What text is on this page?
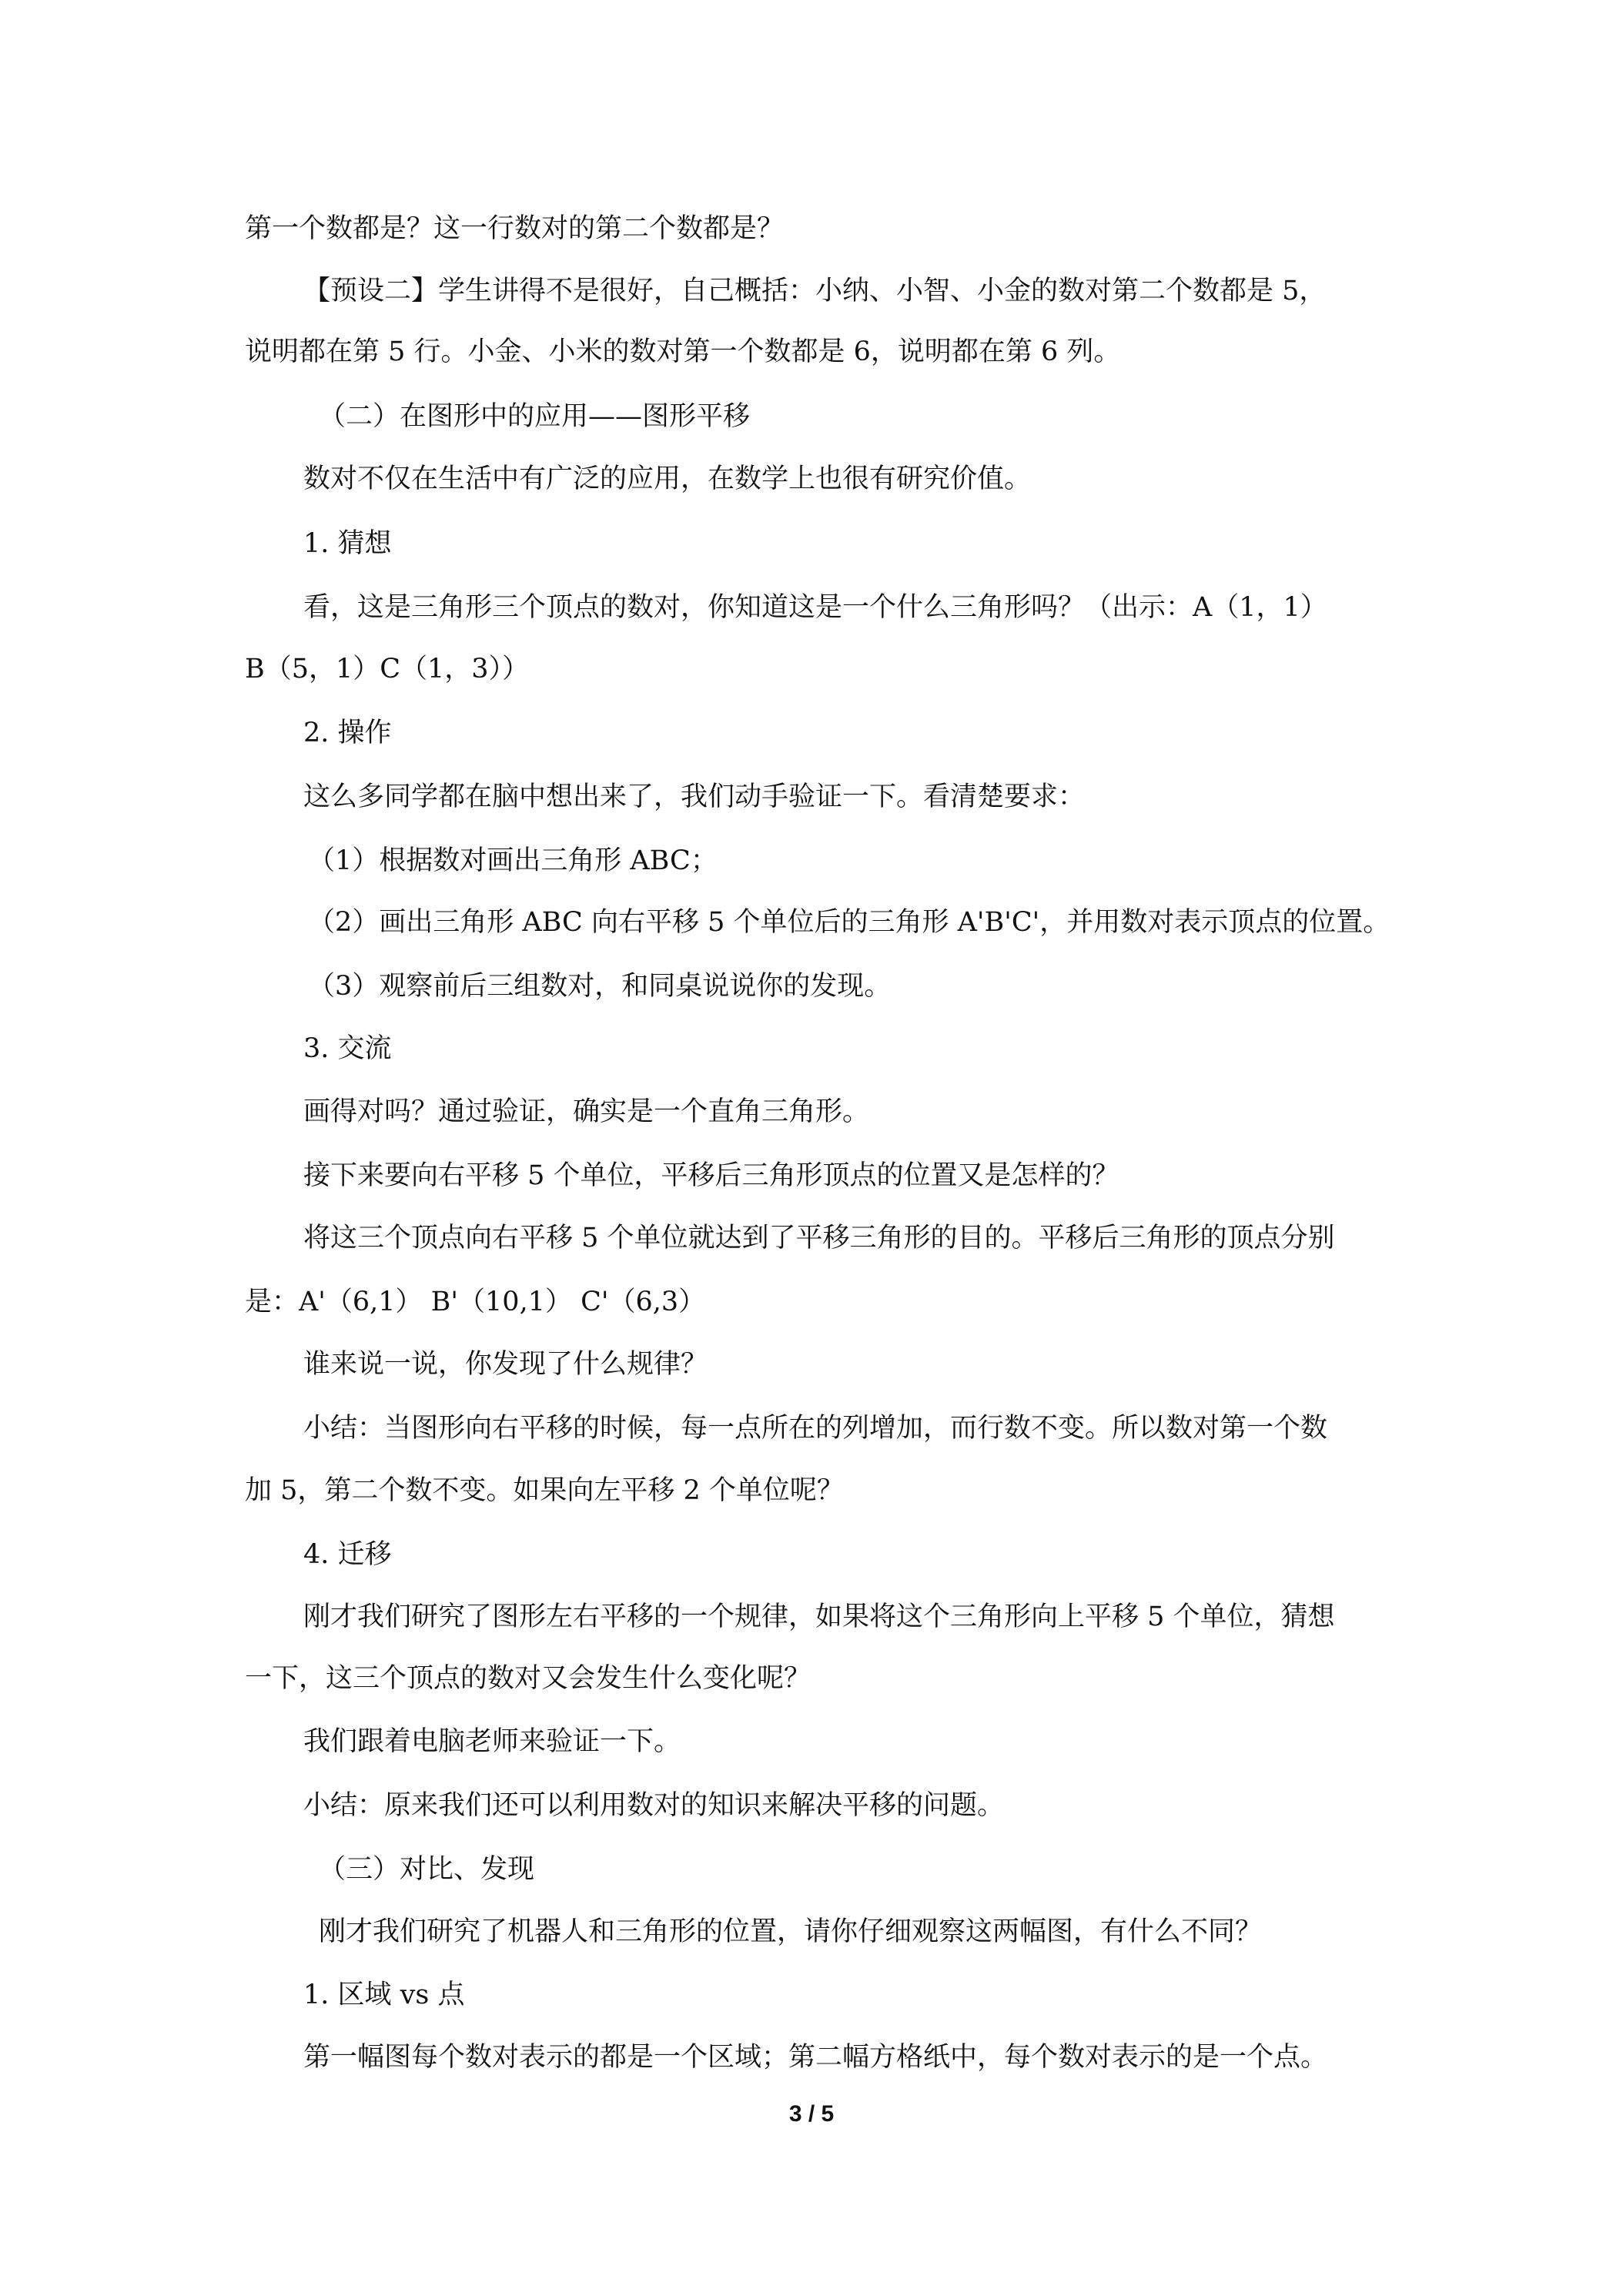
第一个数都是？这一行数对的第二个数都是？
【预设二】学生讲得不是很好，自己概括：小纳、小智、小金的数对第二个数都是 5，
说明都在第 5 行。小金、小米的数对第一个数都是 6，说明都在第 6 列。
（二）在图形中的应用——图形平移
数对不仅在生活中有广泛的应用，在数学上也很有研究价值。
1. 猜想
看，这是三角形三个顶点的数对，你知道这是一个什么三角形吗？（出示：A（1，1）
B（5，1）C（1，3））
2. 操作
这么多同学都在脑中想出来了，我们动手验证一下。看清楚要求：
（1）根据数对画出三角形 ABC；
（2）画出三角形 ABC 向右平移 5 个单位后的三角形 A'B'C'，并用数对表示顶点的位置。
（3）观察前后三组数对，和同桌说说你的发现。
3. 交流
画得对吗？通过验证，确实是一个直角三角形。
接下来要向右平移 5 个单位，平移后三角形顶点的位置又是怎样的？
将这三个顶点向右平移 5 个单位就达到了平移三角形的目的。平移后三角形的顶点分别
是：A'（6,1） B'（10,1） C'（6,3）
谁来说一说，你发现了什么规律？
小结：当图形向右平移的时候，每一点所在的列增加，而行数不变。所以数对第一个数
加 5，第二个数不变。如果向左平移 2 个单位呢？
4. 迁移
刚才我们研究了图形左右平移的一个规律，如果将这个三角形向上平移 5 个单位，猜想
一下，这三个顶点的数对又会发生什么变化呢？
我们跟着电脑老师来验证一下。
小结：原来我们还可以利用数对的知识来解决平移的问题。
（三）对比、发现
刚才我们研究了机器人和三角形的位置，请你仔细观察这两幅图，有什么不同？
1. 区域 vs 点
第一幅图每个数对表示的都是一个区域；第二幅方格纸中，每个数对表示的是一个点。
3 / 5
